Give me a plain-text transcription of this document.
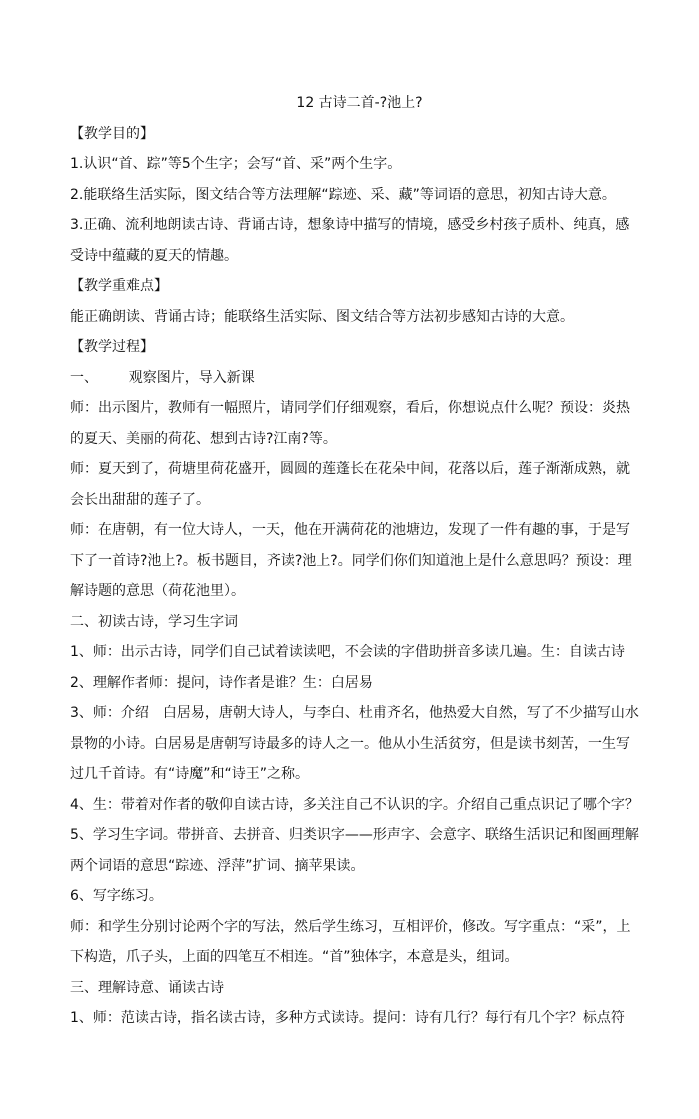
12 古诗二首-?池上?
【教学目的】

1.认识“首、踪”等5个生字；会写“首、采”两个生字。

2.能联络生活实际，图文结合等方法理解“踪迹、采、藏”等词语的意思，初知古诗大意。

3.正确、流利地朗读古诗、背诵古诗，想象诗中描写的情境，感受乡村孩子质朴、纯真，感受诗中蕴藏的夏天的情趣。

【教学重难点】

能正确朗读、背诵古诗；能联络生活实际、图文结合等方法初步感知古诗的大意。

【教学过程】

一、 观察图片，导入新课

师：出示图片，教师有一幅照片，请同学们仔细观察，看后，你想说点什么呢？预设：炎热的夏天、美丽的荷花、想到古诗?江南?等。

师：夏天到了，荷塘里荷花盛开，圆圆的莲蓬长在花朵中间，花落以后，莲子渐渐成熟，就会长出甜甜的莲子了。

师：在唐朝，有一位大诗人，一天，他在开满荷花的池塘边，发现了一件有趣的事，于是写下了一首诗?池上?。板书题目，齐读?池上?。同学们你们知道池上是什么意思吗？预设：理解诗题的意思（荷花池里）。

二、初读古诗，学习生字词

1、师：出示古诗，同学们自己试着读读吧，不会读的字借助拼音多读几遍。生：自读古诗

2、理解作者师：提问，诗作者是谁？生：白居易

3、师：介绍　白居易，唐朝大诗人，与李白、杜甫齐名，他热爱大自然，写了不少描写山水景物的小诗。白居易是唐朝写诗最多的诗人之一。他从小生活贫穷，但是读书刻苦，一生写过几千首诗。有“诗魔”和“诗王”之称。

4、生：带着对作者的敬仰自读古诗，多关注自己不认识的字。介绍自己重点识记了哪个字？

5、学习生字词。带拼音、去拼音、归类识字——形声字、会意字、联络生活识记和图画理解两个词语的意思“踪迹、浮萍”扩词、摘苹果读。

6、写字练习。

师：和学生分别讨论两个字的写法，然后学生练习，互相评价，修改。写字重点：“采”，上下构造，爪子头，上面的四笔互不相连。“首”独体字，本意是头，组词。

三、理解诗意、诵读古诗

1、师：范读古诗，指名读古诗，多种方式读诗。提问：诗有几行？每行有几个字？标点符
